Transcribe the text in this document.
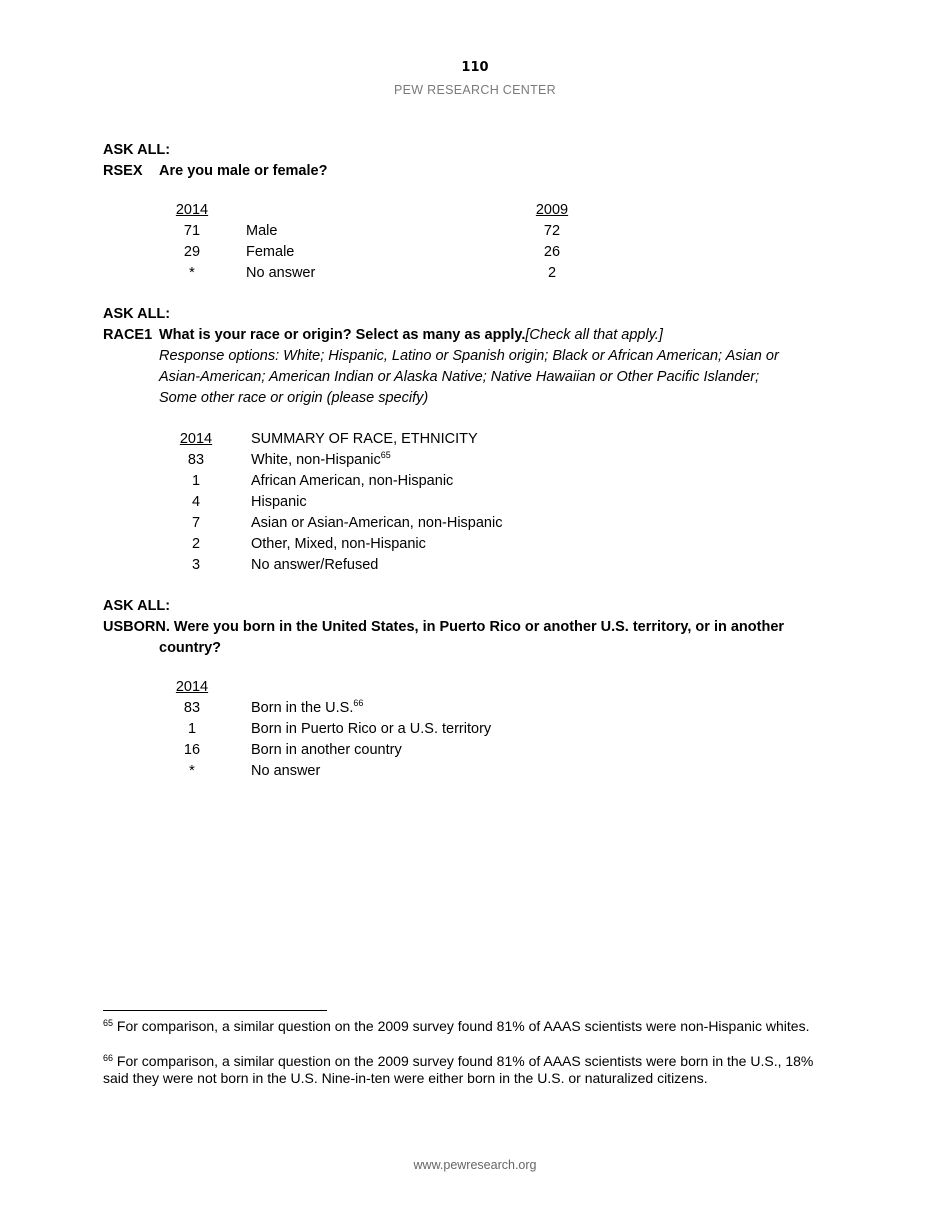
110
PEW RESEARCH CENTER
ASK ALL:
RSEX Are you male or female?
2014	2009
71	Male	72
29	Female	26
*	No answer	2
ASK ALL:
RACE1 What is your race or origin? Select as many as apply.[Check all that apply.]
Response options: White; Hispanic, Latino or Spanish origin; Black or African American; Asian or
Asian-American; American Indian or Alaska Native; Native Hawaiian or Other Pacific Islander;
Some other race or origin (please specify)
2014	SUMMARY OF RACE, ETHNICITY
83	White, non-Hispanic$^{65}$
1	African American, non-Hispanic
4	Hispanic
7	Asian or Asian-American, non-Hispanic
2	Other, Mixed, non-Hispanic
3	No answer/Refused
ASK ALL:
USBORN. Were you born in the United States, in Puerto Rico or another U.S. territory, or in another
country?
2014
83	Born in the U.S.$^{66}$
1	Born in Puerto Rico or a U.S. territory
16	Born in another country
*	No answer
$^{65}$ For comparison, a similar question on the 2009 survey found 81% of AAAS scientists were non-Hispanic whites.
$^{66}$ For comparison, a similar question on the 2009 survey found 81% of AAAS scientists were born in the U.S., 18% said they were not born in the U.S. Nine-in-ten were either born in the U.S. or naturalized citizens.
www.pewresearch.org
